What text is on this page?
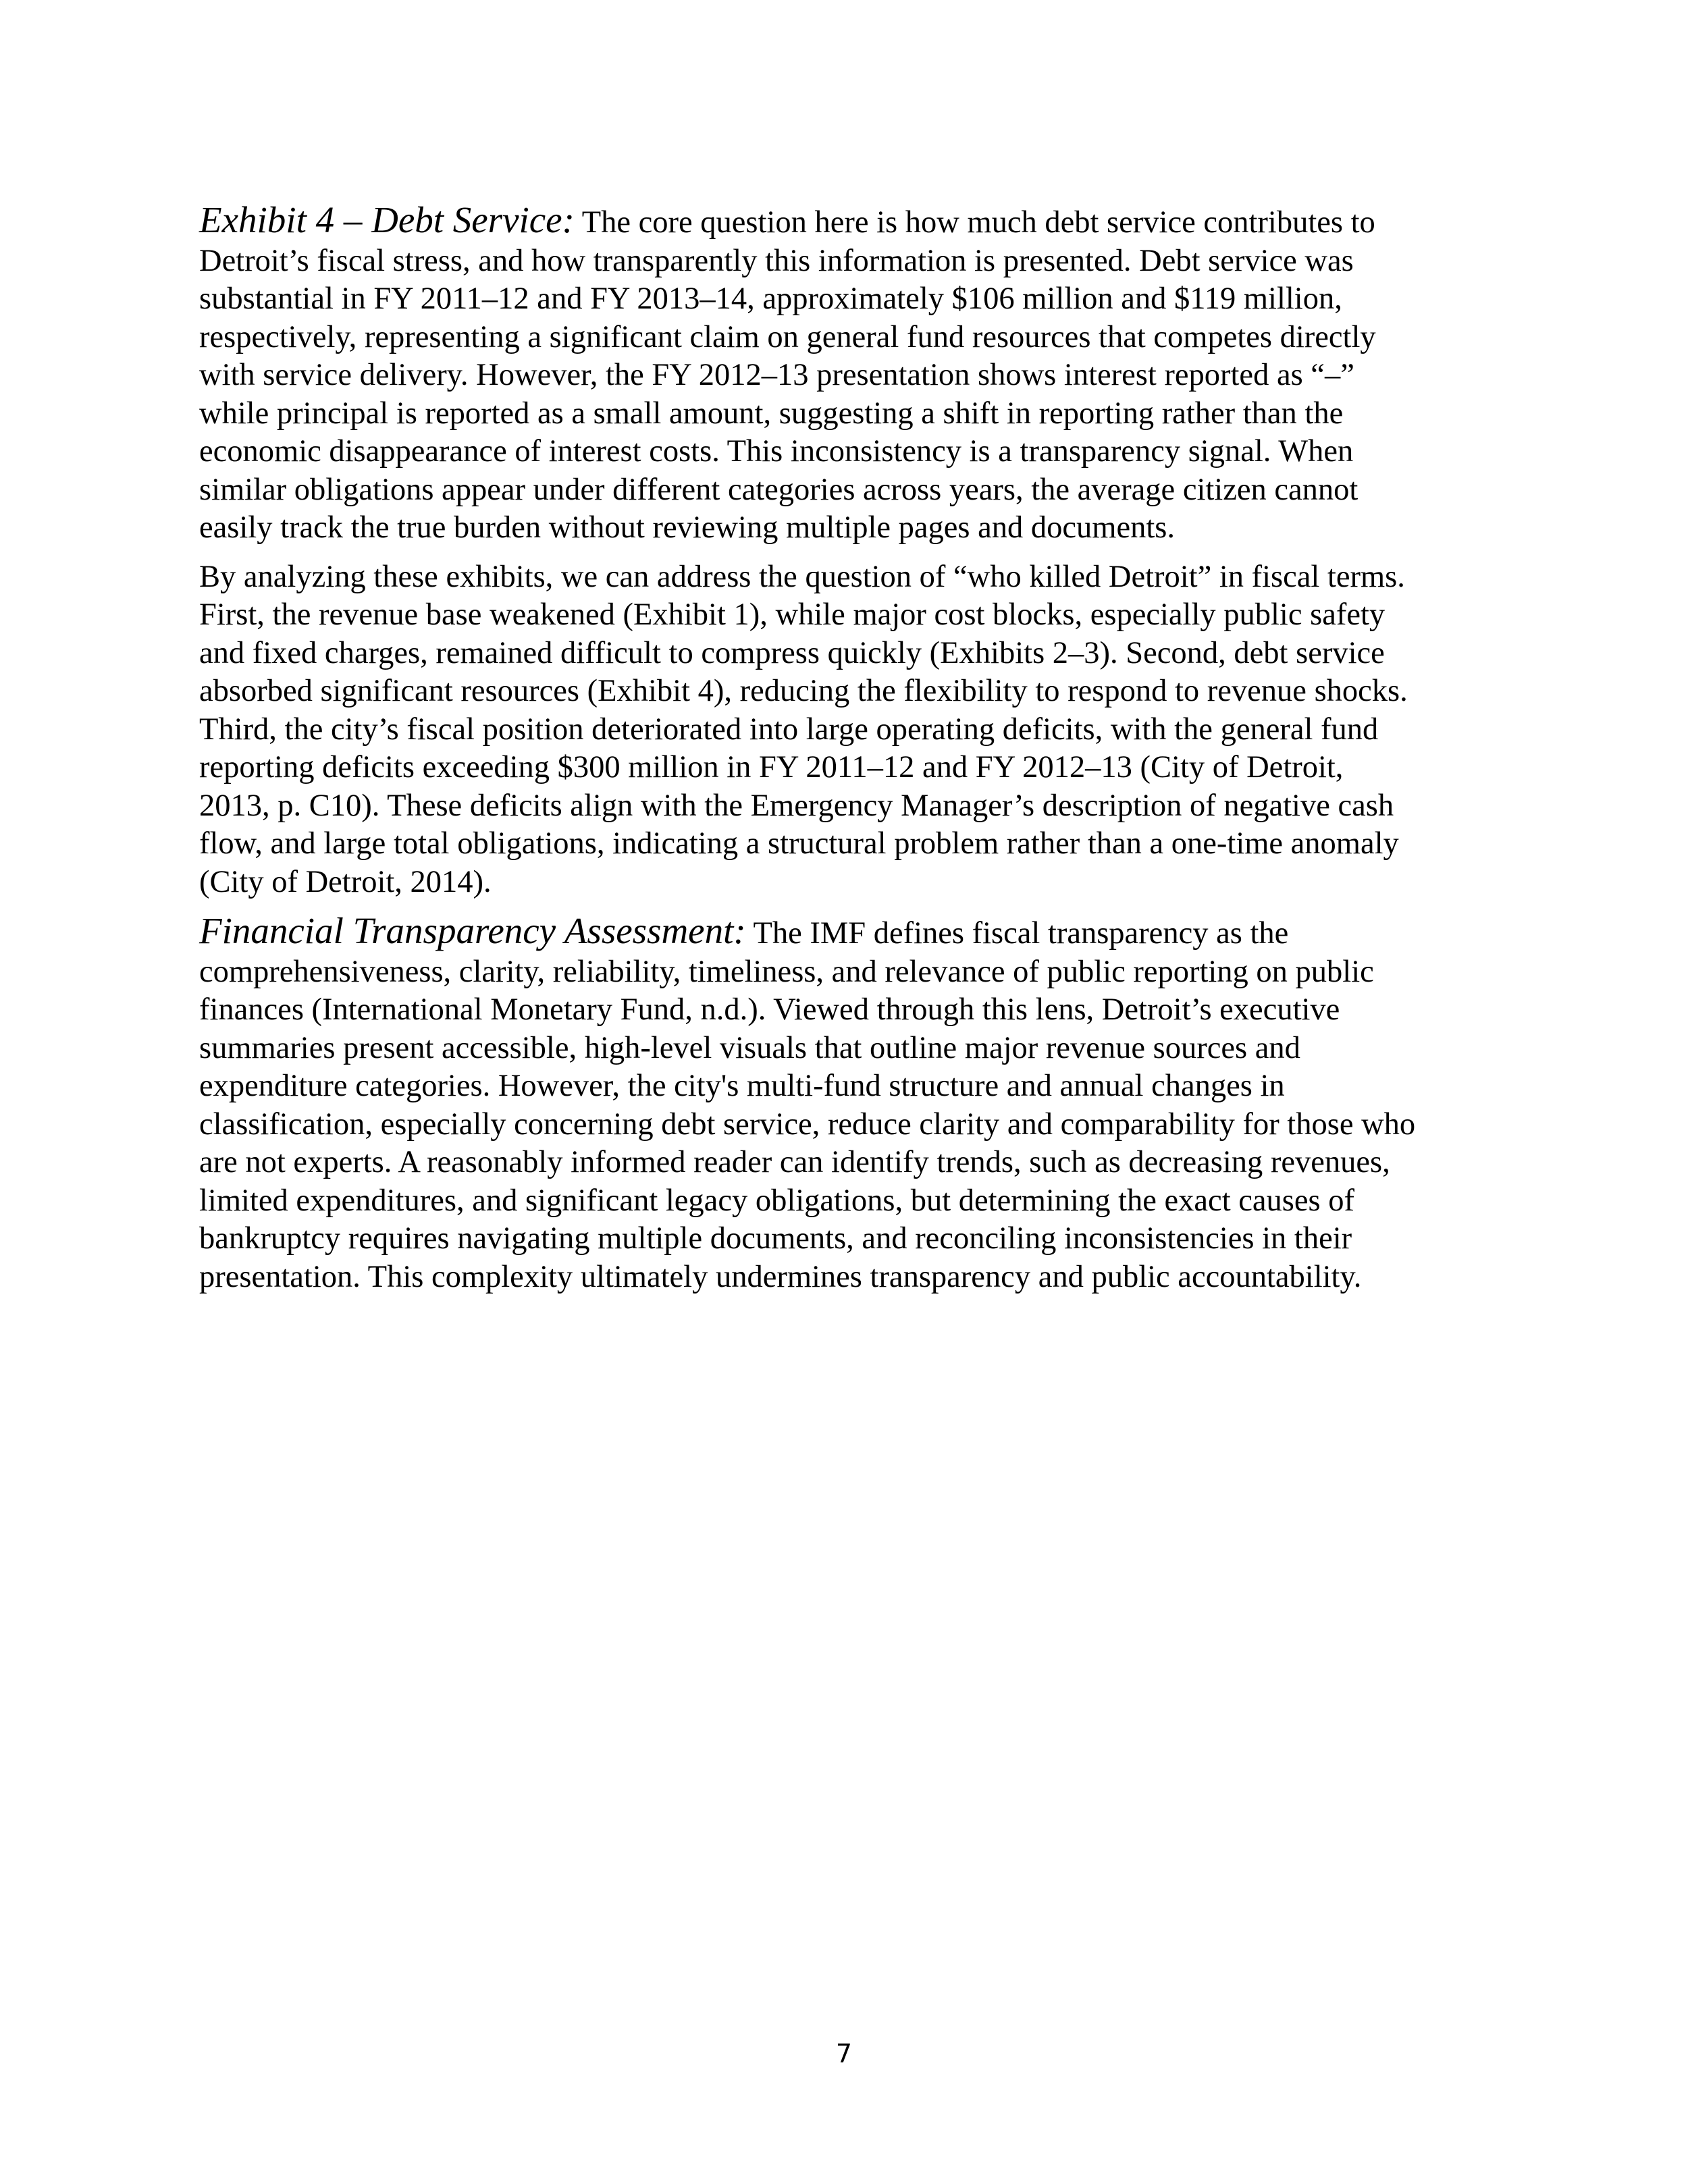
Exhibit 4 – Debt Service: The core question here is how much debt service contributes to
Detroit’s fiscal stress, and how transparently this information is presented. Debt service was
substantial in FY 2011–12 and FY 2013–14, approximately $106 million and $119 million,
respectively, representing a significant claim on general fund resources that competes directly
with service delivery. However, the FY 2012–13 presentation shows interest reported as “–”
while principal is reported as a small amount, suggesting a shift in reporting rather than the
economic disappearance of interest costs. This inconsistency is a transparency signal. When
similar obligations appear under different categories across years, the average citizen cannot
easily track the true burden without reviewing multiple pages and documents.

By analyzing these exhibits, we can address the question of “who killed Detroit” in fiscal terms.
First, the revenue base weakened (Exhibit 1), while major cost blocks, especially public safety
and fixed charges, remained difficult to compress quickly (Exhibits 2–3). Second, debt service
absorbed significant resources (Exhibit 4), reducing the flexibility to respond to revenue shocks.
Third, the city’s fiscal position deteriorated into large operating deficits, with the general fund
reporting deficits exceeding $300 million in FY 2011–12 and FY 2012–13 (City of Detroit,
2013, p. C10). These deficits align with the Emergency Manager’s description of negative cash
flow, and large total obligations, indicating a structural problem rather than a one-time anomaly
(City of Detroit, 2014).

Financial Transparency Assessment: The IMF defines fiscal transparency as the
comprehensiveness, clarity, reliability, timeliness, and relevance of public reporting on public
finances (International Monetary Fund, n.d.). Viewed through this lens, Detroit’s executive
summaries present accessible, high-level visuals that outline major revenue sources and
expenditure categories. However, the city's multi-fund structure and annual changes in
classification, especially concerning debt service, reduce clarity and comparability for those who
are not experts. A reasonably informed reader can identify trends, such as decreasing revenues,
limited expenditures, and significant legacy obligations, but determining the exact causes of
bankruptcy requires navigating multiple documents, and reconciling inconsistencies in their
presentation. This complexity ultimately undermines transparency and public accountability.

7
